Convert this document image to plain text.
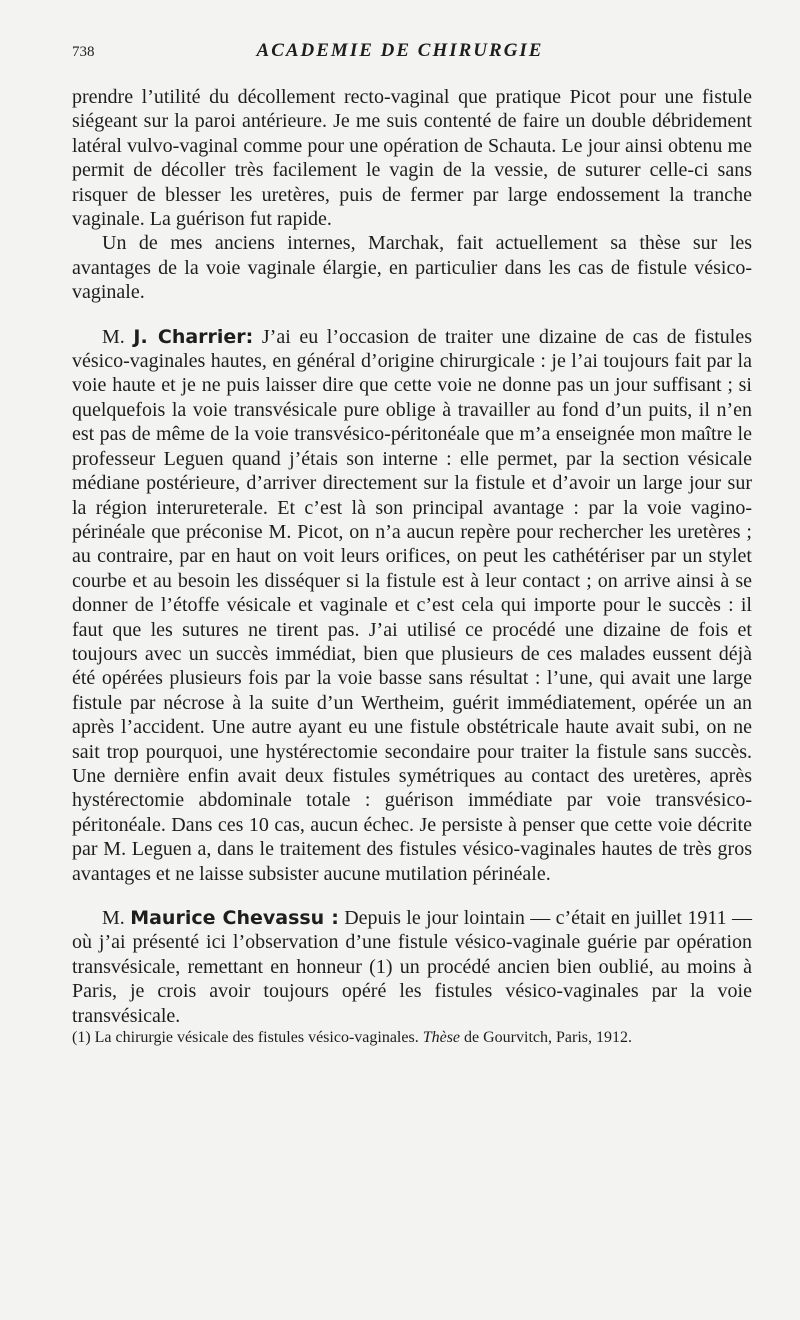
738	ACADEMIE DE CHIRURGIE

prendre l’utilité du décollement recto-vaginal que pratique Picot pour une fistule siégeant sur la paroi antérieure. Je me suis contenté de faire un double débridement latéral vulvo-vaginal comme pour une opération de Schauta. Le jour ainsi obtenu me permit de décoller très facilement le vagin de la vessie, de suturer celle-ci sans risquer de blesser les uretères, puis de fermer par large endossement la tranche vaginale. La guérison fut rapide.

Un de mes anciens internes, Marchak, fait actuellement sa thèse sur les avantages de la voie vaginale élargie, en particulier dans les cas de fistule vésico-vaginale.

M. J. Charrier: J’ai eu l’occasion de traiter une dizaine de cas de fistules vésico-vaginales hautes, en général d’origine chirurgicale : je l’ai toujours fait par la voie haute et je ne puis laisser dire que cette voie ne donne pas un jour suffisant ; si quelquefois la voie transvésicale pure oblige à travailler au fond d’un puits, il n’en est pas de même de la voie transvésico-péritonéale que m’a enseignée mon maître le professeur Leguen quand j’étais son interne : elle permet, par la section vésicale médiane postérieure, d’arriver directement sur la fistule et d’avoir un large jour sur la région interureterale. Et c’est là son principal avantage : par la voie vagino-périnéale que préconise M. Picot, on n’a aucun repère pour rechercher les uretères ; au contraire, par en haut on voit leurs orifices, on peut les cathétériser par un stylet courbe et au besoin les disséquer si la fistule est à leur contact ; on arrive ainsi à se donner de l’étoffe vésicale et vaginale et c’est cela qui importe pour le succès : il faut que les sutures ne tirent pas. J’ai utilisé ce procédé une dizaine de fois et toujours avec un succès immédiat, bien que plusieurs de ces malades eussent déjà été opérées plusieurs fois par la voie basse sans résultat : l’une, qui avait une large fistule par nécrose à la suite d’un Wertheim, guérit immédiatement, opérée un an après l’accident. Une autre ayant eu une fistule obstétricale haute avait subi, on ne sait trop pourquoi, une hystérectomie secondaire pour traiter la fistule sans succès. Une dernière enfin avait deux fistules symétriques au contact des uretères, après hystérectomie abdominale totale : guérison immédiate par voie transvésico-péritonéale. Dans ces 10 cas, aucun échec. Je persiste à penser que cette voie décrite par M. Leguen a, dans le traitement des fistules vésico-vaginales hautes de très gros avantages et ne laisse subsister aucune mutilation périnéale.

M. Maurice Chevassu : Depuis le jour lointain — c’était en juillet 1911 — où j’ai présenté ici l’observation d’une fistule vésico-vaginale guérie par opération transvésicale, remettant en honneur (1) un procédé ancien bien oublié, au moins à Paris, je crois avoir toujours opéré les fistules vésico-vaginales par la voie transvésicale.

(1) La chirurgie vésicale des fistules vésico-vaginales. Thèse de Gourvitch, Paris, 1912.
